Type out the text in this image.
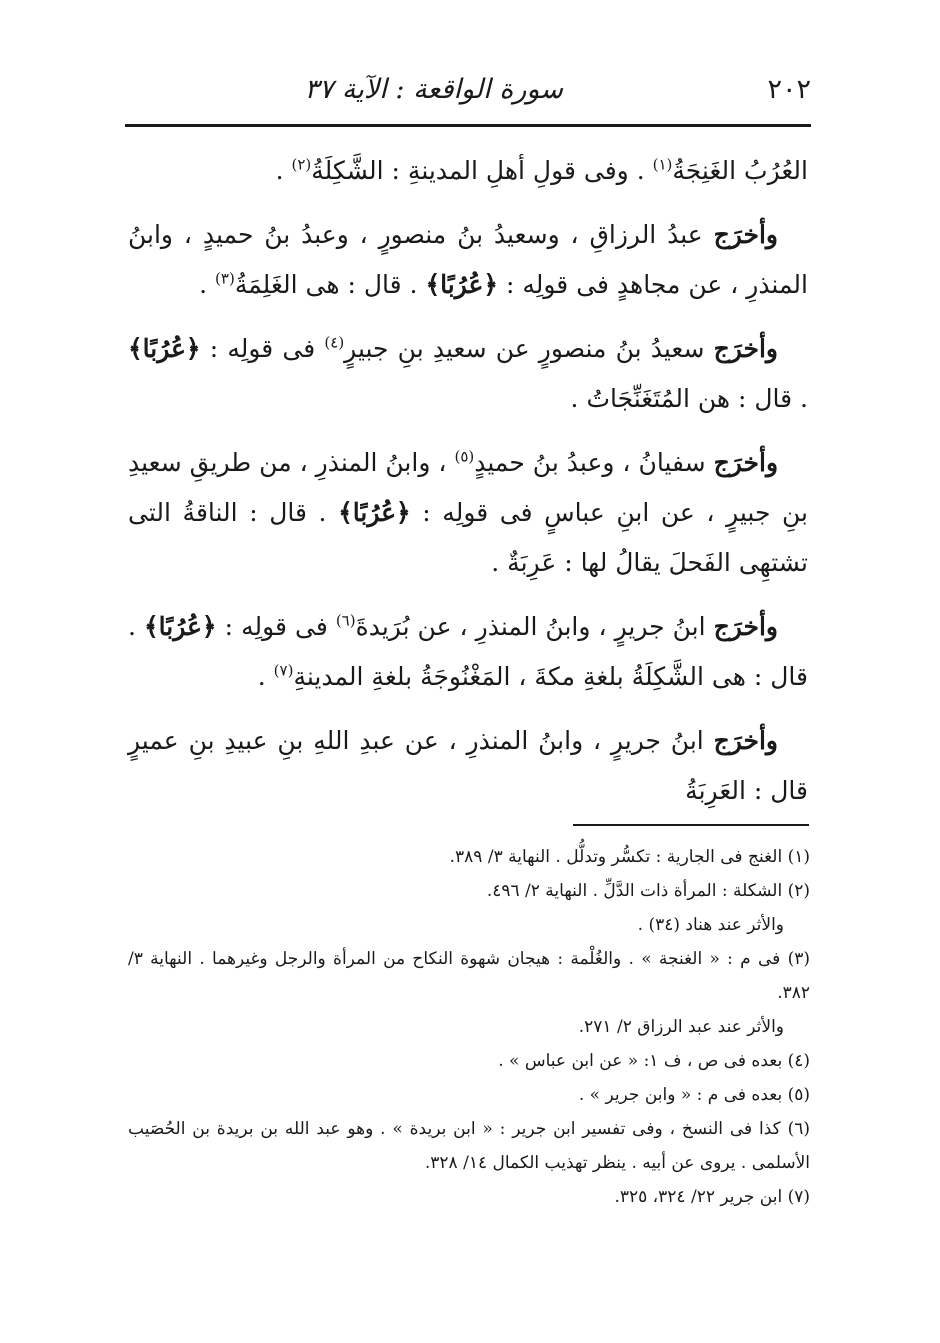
٢٠٢
سورة الواقعة : الآية ٣٧

العُرُبُ الغَنِجَةُ$^{(١)}$ . وفى قولِ أهلِ المدينةِ : الشَّكِلَةُ$^{(٢)}$ .

وأخرَج عبدُ الرزاقِ ، وسعيدُ بنُ منصورٍ ، وعبدُ بنُ حميدٍ ، وابنُ المنذرِ ، عن مجاهدٍ فى قولِه : ﴿عُرُبًا﴾ . قال : هى الغَلِمَةُ$^{(٣)}$ .

وأخرَج سعيدُ بنُ منصورٍ عن سعيدِ بنِ جبيرٍ$^{(٤)}$ فى قولِه : ﴿عُرُبًا﴾ . قال : هن المُتَغَنِّجَاتُ .

وأخرَج سفيانُ ، وعبدُ بنُ حميدٍ$^{(٥)}$ ، وابنُ المنذرِ ، من طريقِ سعيدِ بنِ جبيرٍ ، عن ابنِ عباسٍ فى قولِه : ﴿عُرُبًا﴾ . قال : الناقةُ التى تشتهِى الفَحلَ يقالُ لها : عَرِبَةٌ .

وأخرَج ابنُ جريرٍ ، وابنُ المنذرِ ، عن بُرَيدةَ$^{(٦)}$ فى قولِه : ﴿عُرُبًا﴾ . قال : هى الشَّكِلَةُ بلغةِ مكةَ ، المَغْنُوجَةُ بلغةِ المدينةِ$^{(٧)}$ .

وأخرَج ابنُ جريرٍ ، وابنُ المنذرِ ، عن عبدِ اللهِ بنِ عبيدِ بنِ عميرٍ قال : العَرِبَةُ

(١) الغنج فى الجارية : تكسُّر وتدلُّل . النهاية ٣/ ٣٨٩.

(٢) الشكلة : المرأة ذات الدَّلِّ . النهاية ٢/ ٤٩٦.

والأثر عند هناد (٣٤) .

(٣) فى م : « الغنجة » . والغُلْمة : هيجان شهوة النكاح من المرأة والرجل وغيرهما . النهاية ٣/ ٣٨٢.

والأثر عند عبد الرزاق ٢/ ٢٧١.

(٤) بعده فى ص ، ف ١: « عن ابن عباس » .

(٥) بعده فى م : « وابن جرير » .

(٦) كذا فى النسخ ، وفى تفسير ابن جرير : « ابن بريدة » . وهو عبد الله بن بريدة بن الحُصَيب الأسلمى . يروى عن أبيه . ينظر تهذيب الكمال ١٤/ ٣٢٨.

(٧) ابن جرير ٢٢/ ٣٢٤، ٣٢٥.
